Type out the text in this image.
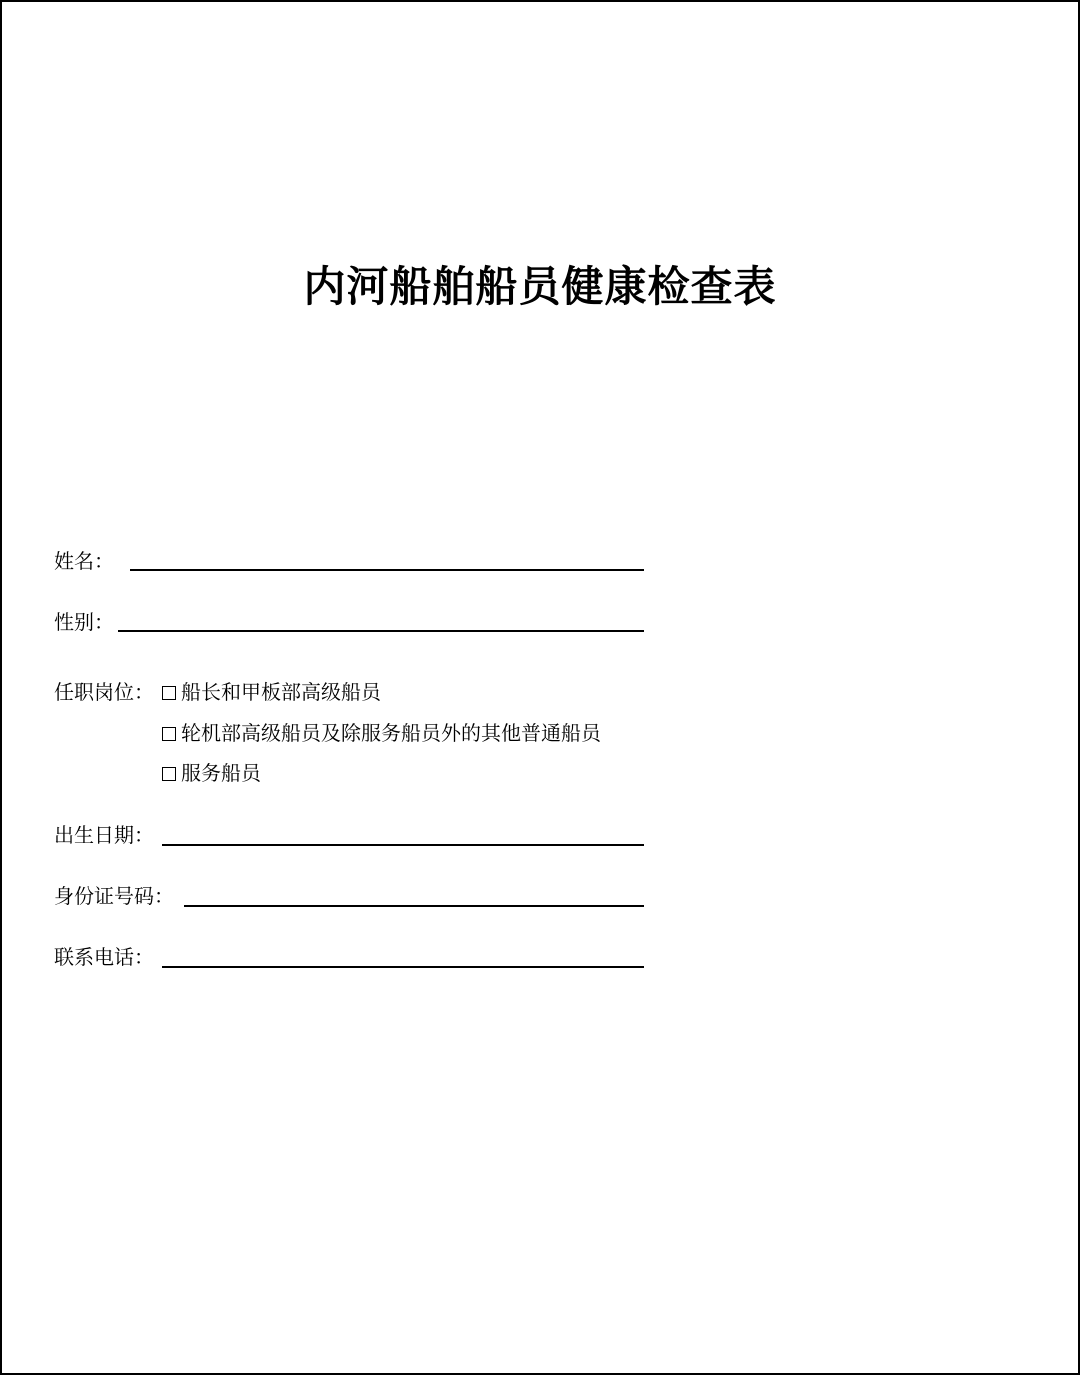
内河船舶船员健康检查表
姓名：
性别：
任职岗位：	船长和甲板部高级船员
轮机部高级船员及除服务船员外的其他普通船员
服务船员
出生日期：
身份证号码：
联系电话：
